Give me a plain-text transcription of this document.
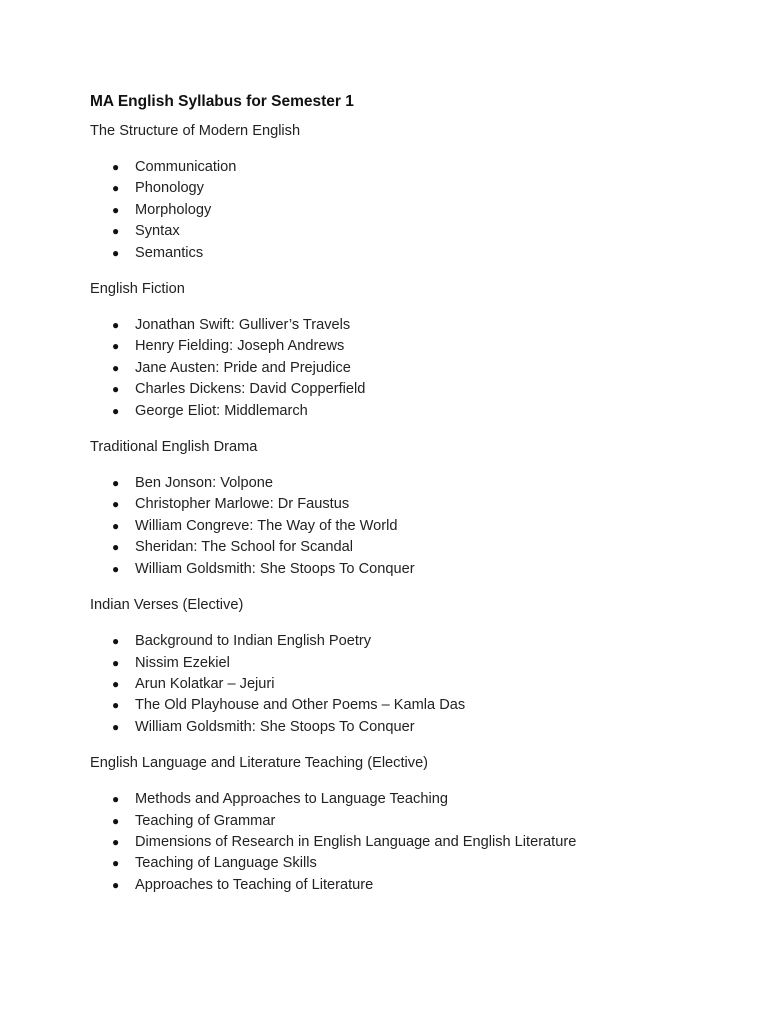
MA English Syllabus for Semester 1

The Structure of Modern English

● Communication
● Phonology
● Morphology
● Syntax
● Semantics

English Fiction

● Jonathan Swift: Gulliver’s Travels
● Henry Fielding: Joseph Andrews
● Jane Austen: Pride and Prejudice
● Charles Dickens: David Copperfield
● George Eliot: Middlemarch

Traditional English Drama

● Ben Jonson: Volpone
● Christopher Marlowe: Dr Faustus
● William Congreve: The Way of the World
● Sheridan: The School for Scandal
● William Goldsmith: She Stoops To Conquer

Indian Verses (Elective)

● Background to Indian English Poetry
● Nissim Ezekiel
● Arun Kolatkar – Jejuri
● The Old Playhouse and Other Poems – Kamla Das
● William Goldsmith: She Stoops To Conquer

English Language and Literature Teaching (Elective)

● Methods and Approaches to Language Teaching
● Teaching of Grammar
● Dimensions of Research in English Language and English Literature
● Teaching of Language Skills
● Approaches to Teaching of Literature
